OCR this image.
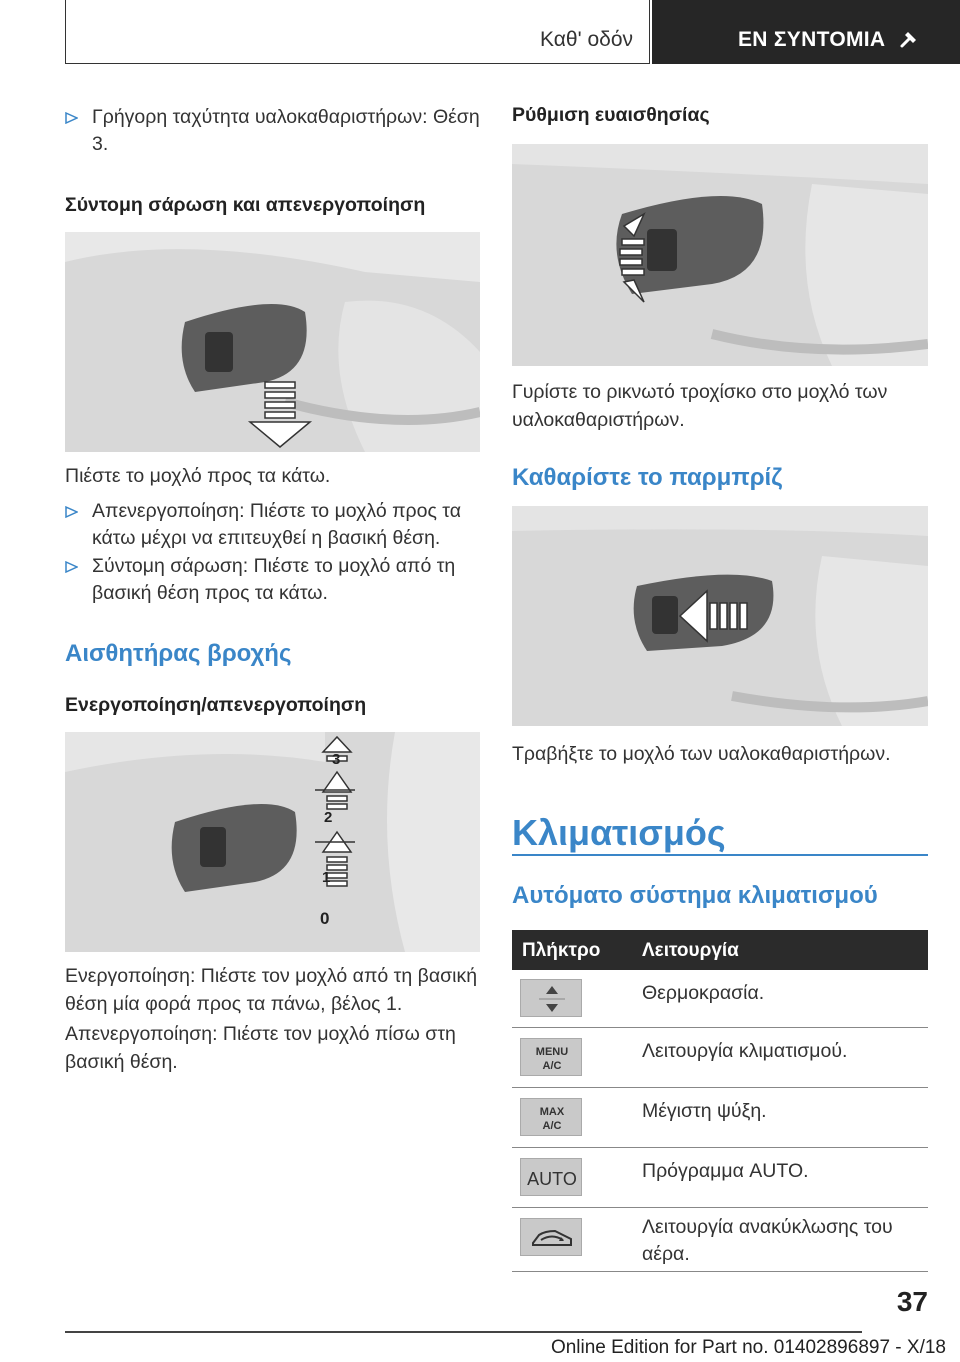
Καθ' οδόν	ΕΝ ΣΥΝΤΟΜΙΑ
Γρήγορη ταχύτητα υαλοκαθαριστήρων: Θέση 3.
Σύντομη σάρωση και απενεργοποίηση
Πιέστε το μοχλό προς τα κάτω.
Απενεργοποίηση: Πιέστε το μοχλό προς τα κάτω μέχρι να επιτευχθεί η βασική θέση.
Σύντομη σάρωση: Πιέστε το μοχλό από τη βασική θέση προς τα κάτω.
Αισθητήρας βροχής
Ενεργοποίηση/απενεργοποίηση
3
2
1
0
Ενεργοποίηση: Πιέστε τον μοχλό από τη βασική θέση μία φορά προς τα πάνω, βέλος 1.
Απενεργοποίηση: Πιέστε τον μοχλό πίσω στη βασική θέση.
Ρύθμιση ευαισθησίας
Γυρίστε το ρικνωτό τροχίσκο στο μοχλό των υαλοκαθαριστήρων.
Καθαρίστε το παρμπρίζ
Τραβήξτε το μοχλό των υαλοκαθαριστήρων.
Κλιματισμός
Αυτόματο σύστημα κλιματισμού
Πλήκτρο Λειτουργία
Θερμοκρασία.
MENU A/C
Λειτουργία κλιματισμού.
MAX A/C
Μέγιστη ψύξη.
AUTO	Πρόγραμμα AUTO.
Λειτουργία ανακύκλωσης του αέρα.
37
Online Edition for Part no. 01402896897 - X/18
